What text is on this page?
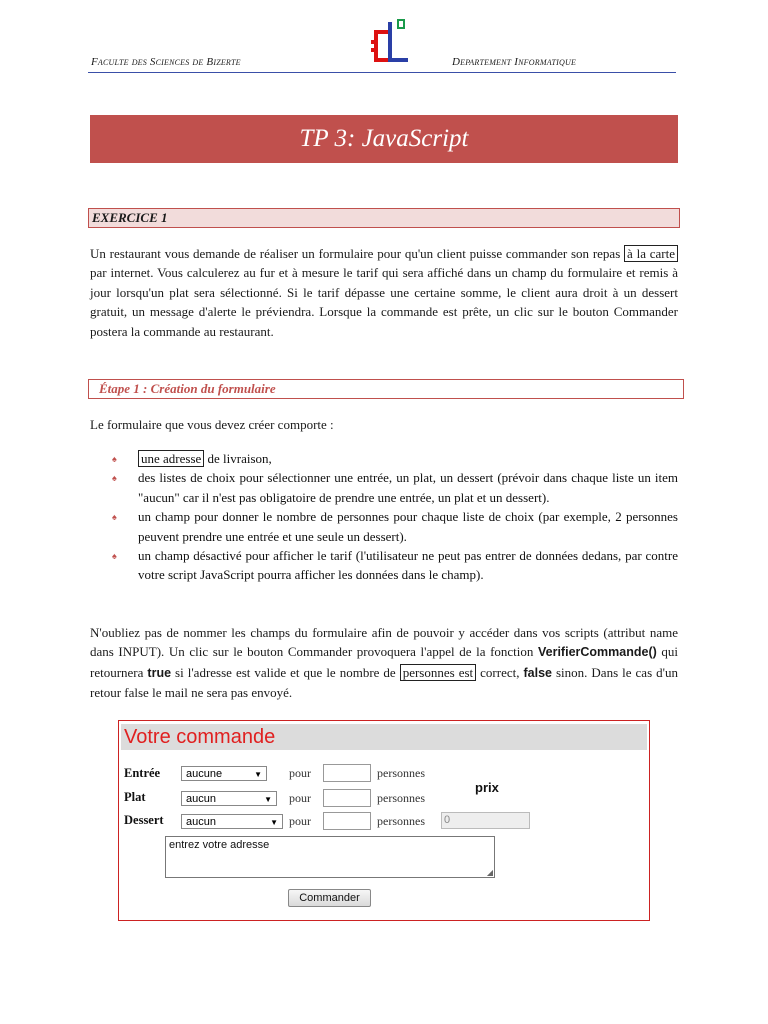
Faculte des Sciences de Bizerte	Departement Informatique
TP 3: JavaScript
EXERCICE 1
Un restaurant vous demande de réaliser un formulaire pour qu'un client puisse commander son repas à la carte par internet. Vous calculerez au fur et à mesure le tarif qui sera affiché dans un champ du formulaire et remis à jour lorsqu'un plat sera sélectionné. Si le tarif dépasse une certaine somme, le client aura droit à un dessert gratuit, un message d'alerte le préviendra. Lorsque la commande est prête, un clic sur le bouton Commander postera la commande au restaurant.
Étape 1 : Création du formulaire
Le formulaire que vous devez créer comporte :
♠ une adresse de livraison,
♠ des listes de choix pour sélectionner une entrée, un plat, un dessert (prévoir dans chaque liste un item "aucun" car il n'est pas obligatoire de prendre une entrée, un plat et un dessert).
♠ un champ pour donner le nombre de personnes pour chaque liste de choix (par exemple, 2 personnes peuvent prendre une entrée et une seule un dessert).
♠ un champ désactivé pour afficher le tarif (l'utilisateur ne peut pas entrer de données dedans, par contre votre script JavaScript pourra afficher les données dans le champ).
N'oubliez pas de nommer les champs du formulaire afin de pouvoir y accéder dans vos scripts (attribut name dans INPUT). Un clic sur le bouton Commander provoquera l'appel de la fonction VerifierCommande() qui retournera true si l'adresse est valide et que le nombre de personnes est correct, false sinon. Dans le cas d'un retour false le mail ne sera pas envoyé.
Votre commande
Entrée	aucune	▼ pour	personnes
Plat	aucun	▼ pour	personnes
Dessert	aucun	▼ pour	personnes
prix
0
entrez votre adresse
◢
Commander
